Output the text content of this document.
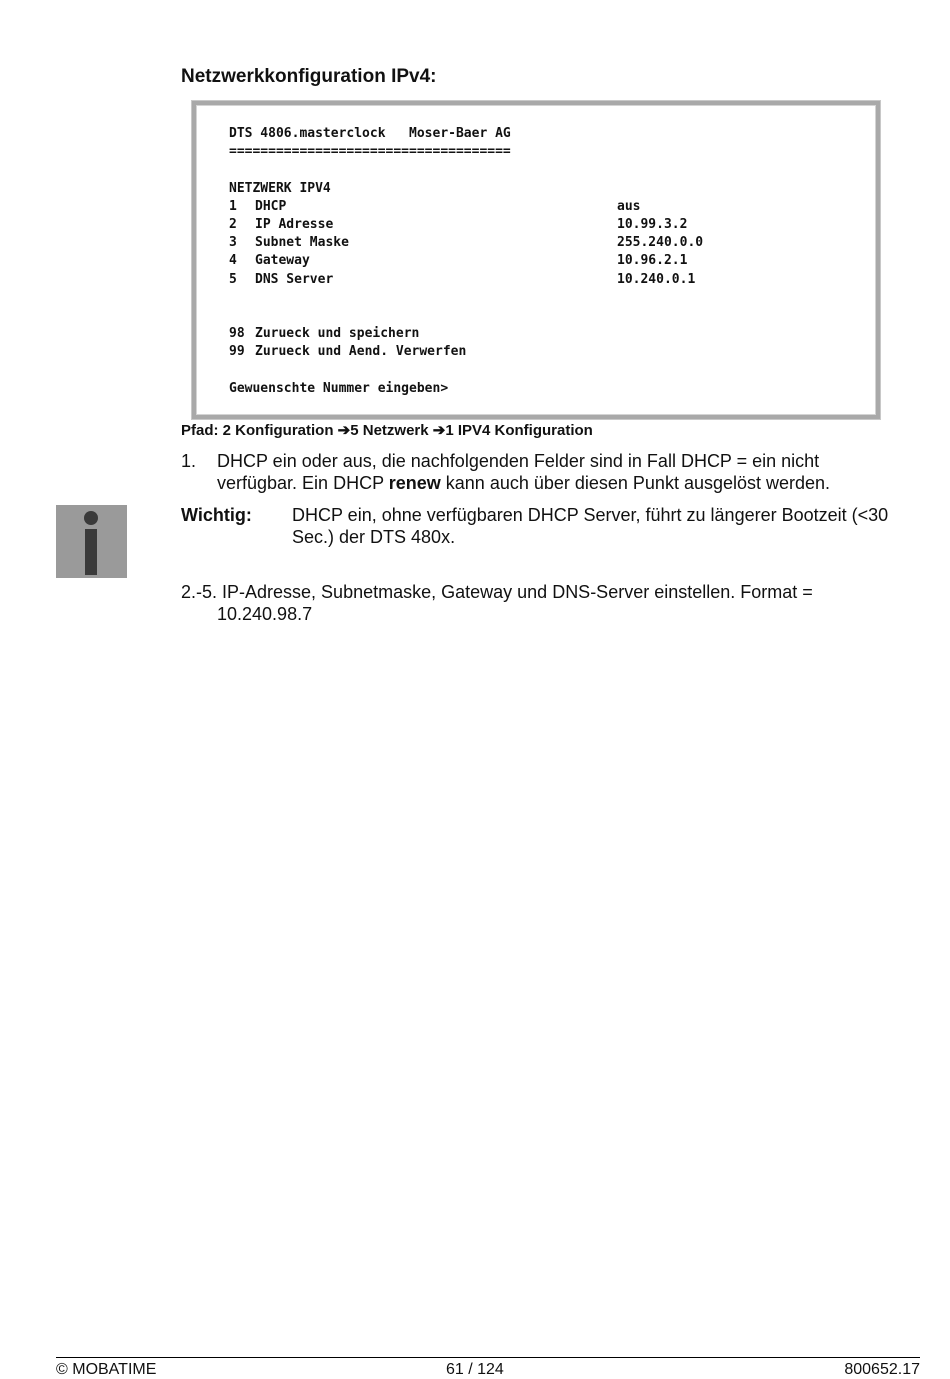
Netzwerkkonfiguration IPv4:
DTS 4806.masterclock   Moser-Baer AG
====================================
NETZWERK IPV4
1 DHCP	aus
2 IP Adresse	10.99.3.2
3 Subnet Maske	255.240.0.0
4 Gateway	10.96.2.1
5 DNS Server	10.240.0.1
98 Zurueck und speichern
99 Zurueck und Aend. Verwerfen
Gewuenschte Nummer eingeben>
Pfad: 2 Konfiguration ➔5 Netzwerk ➔1 IPV4 Konfiguration
1. DHCP ein oder aus, die nachfolgenden Felder sind in Fall DHCP = ein nicht verfügbar. Ein DHCP renew kann auch über diesen Punkt ausgelöst werden.
Wichtig: DHCP ein, ohne verfügbaren DHCP Server, führt zu längerer Bootzeit (<30 Sec.) der DTS 480x.
2.-5. IP-Adresse, Subnetmaske, Gateway und DNS-Server einstellen. Format =
10.240.98.7
© MOBATIME	61 / 124	800652.17
